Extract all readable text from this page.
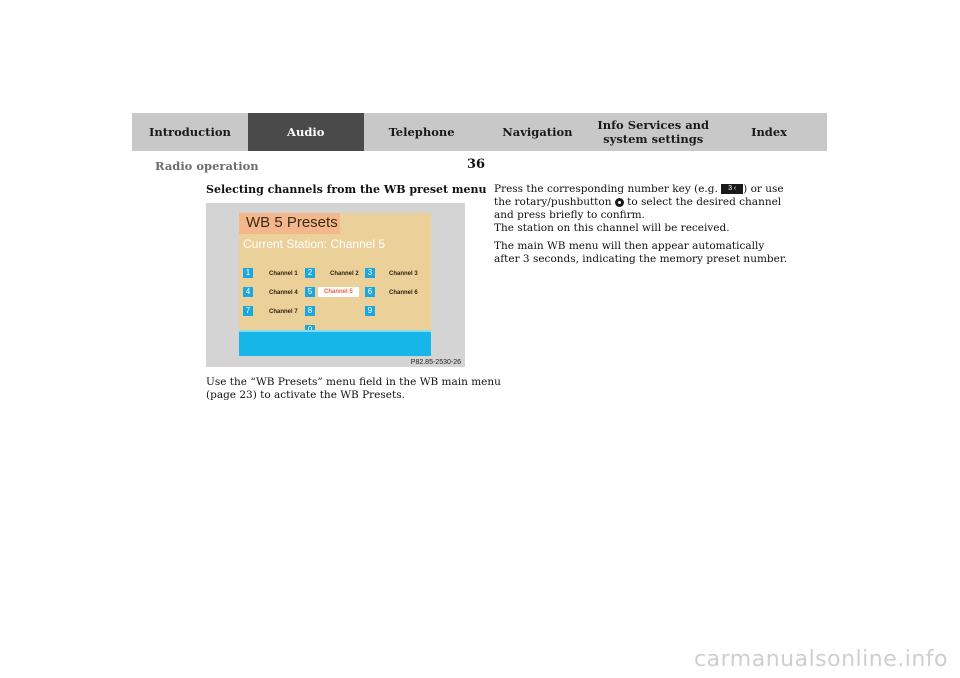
Introduction	Audio	Telephone	Navigation	Info Services and
system settings	Index
Radio operation	36
Selecting channels from the WB preset menu
WB 5 Presets
Current Station: Channel 5
1	Channel 1	2	Channel 2	3	Channel 3
4	Channel 4	5	Channel 5	6	Channel 6
7	Channel 7	8	9
P82.85-2530-26
Use the “WB Presets” menu field in the WB main menu
(page 23) to activate the WB Presets.
Press the corresponding number key (e.g. 3 ‹ ) or use
the rotary/pushbutton  to select the desired channel
and press briefly to confirm.
The station on this channel will be received.
The main WB menu will then appear automatically
after 3 seconds, indicating the memory preset number.
carmanualsonline.info
